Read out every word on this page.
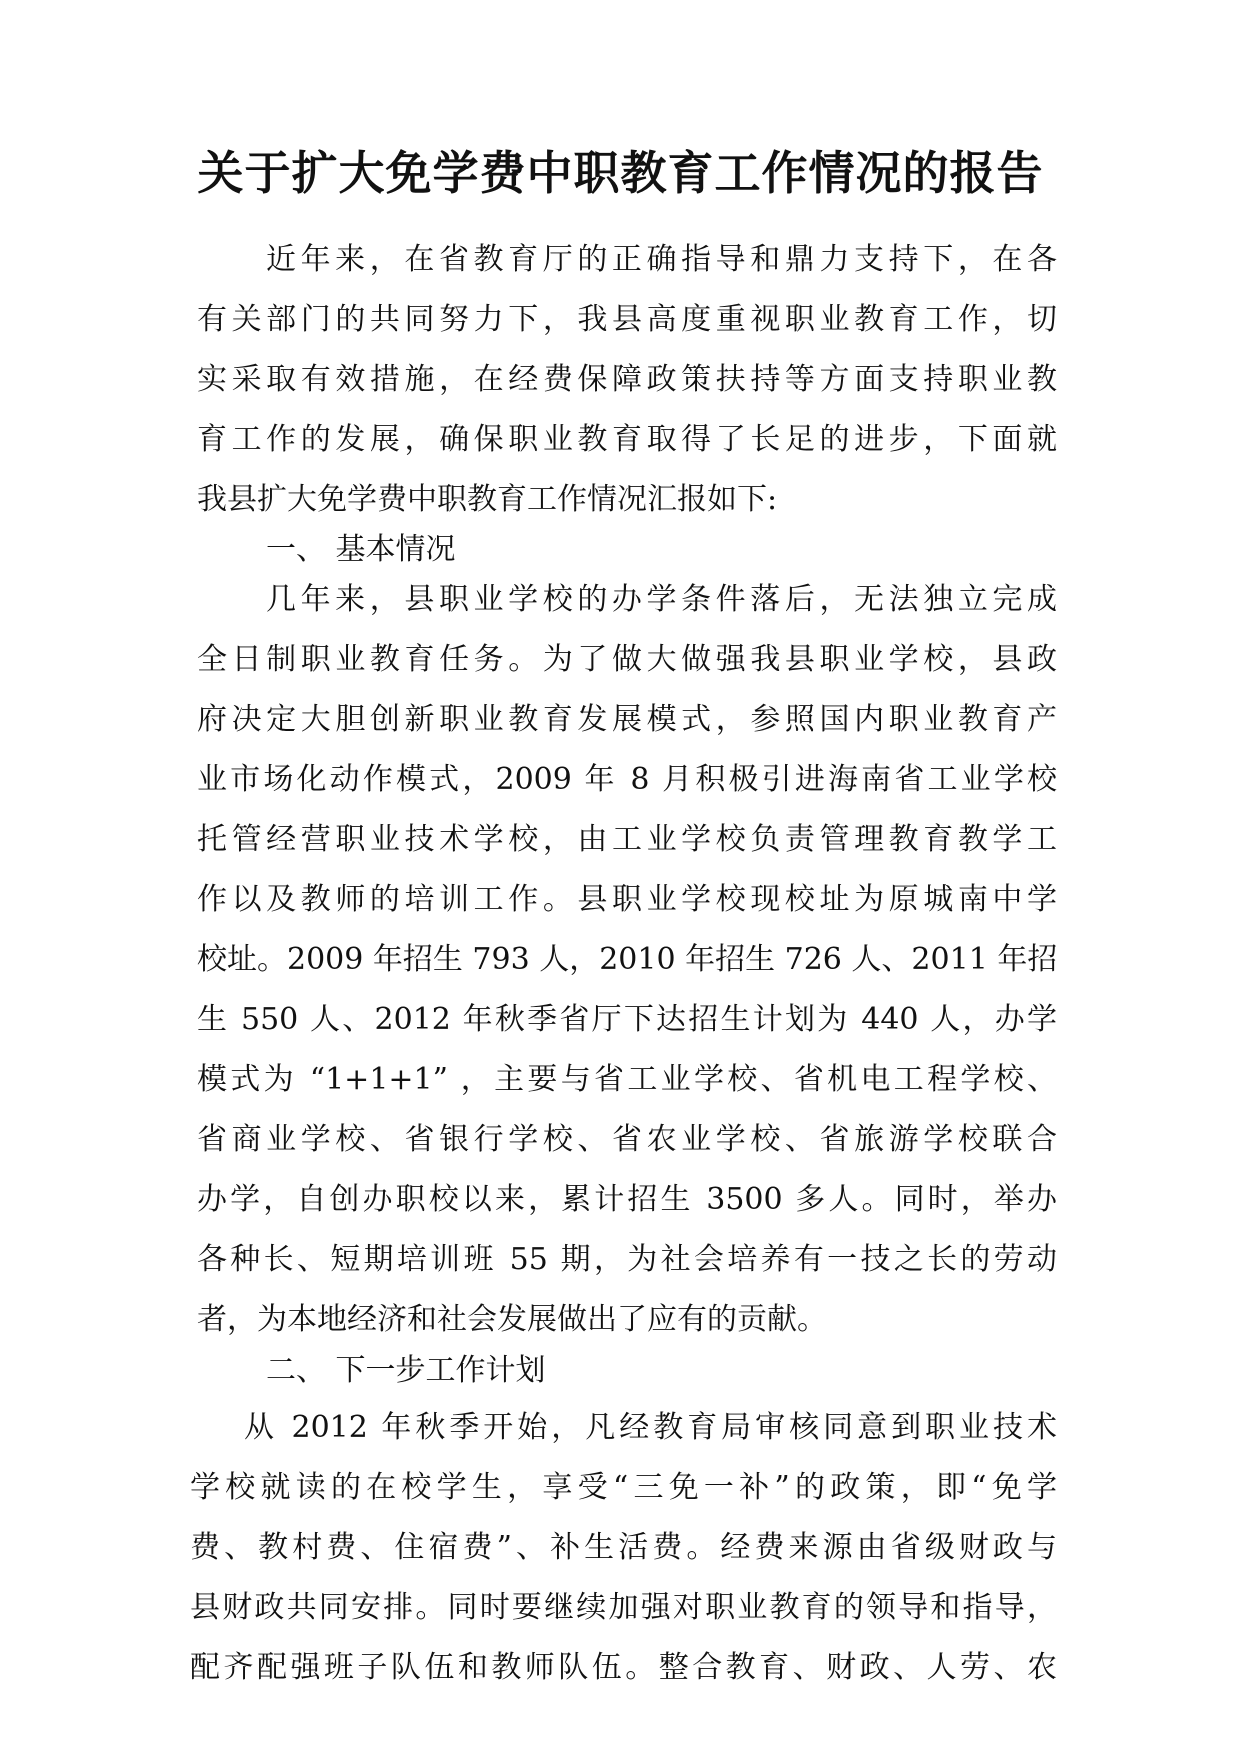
关于扩大免学费中职教育工作情况的报告
近年来，在省教育厅的正确指导和鼎力支持下，在各
有关部门的共同努力下，我县高度重视职业教育工作，切
实采取有效措施，在经费保障政策扶持等方面支持职业教
育工作的发展，确保职业教育取得了长足的进步，下面就
我县扩大免学费中职教育工作情况汇报如下:
一、 基本情况
几年来，县职业学校的办学条件落后，无法独立完成
全日制职业教育任务。为了做大做强我县职业学校，县政
府决定大胆创新职业教育发展模式，参照国内职业教育产
业市场化动作模式，2009 年 8 月积极引进海南省工业学校
托管经营职业技术学校，由工业学校负责管理教育教学工
作以及教师的培训工作。县职业学校现校址为原城南中学
校址。2009 年招生 793 人，2010 年招生 726 人、2011 年招
生 550 人、2012 年秋季省厅下达招生计划为 440 人，办学
模式为 “1+1+1” ，主要与省工业学校、省机电工程学校、
省商业学校、省银行学校、省农业学校、省旅游学校联合
办学，自创办职校以来，累计招生 3500 多人。同时，举办
各种长、短期培训班 55 期，为社会培养有一技之长的劳动
者，为本地经济和社会发展做出了应有的贡献。
二、 下一步工作计划
从 2012 年秋季开始，凡经教育局审核同意到职业技术
学校就读的在校学生，享受“三免一补”的政策，即“免学
费、教村费、住宿费”、补生活费。经费来源由省级财政与
县财政共同安排。同时要继续加强对职业教育的领导和指导，
配齐配强班子队伍和教师队伍。整合教育、财政、人劳、农
